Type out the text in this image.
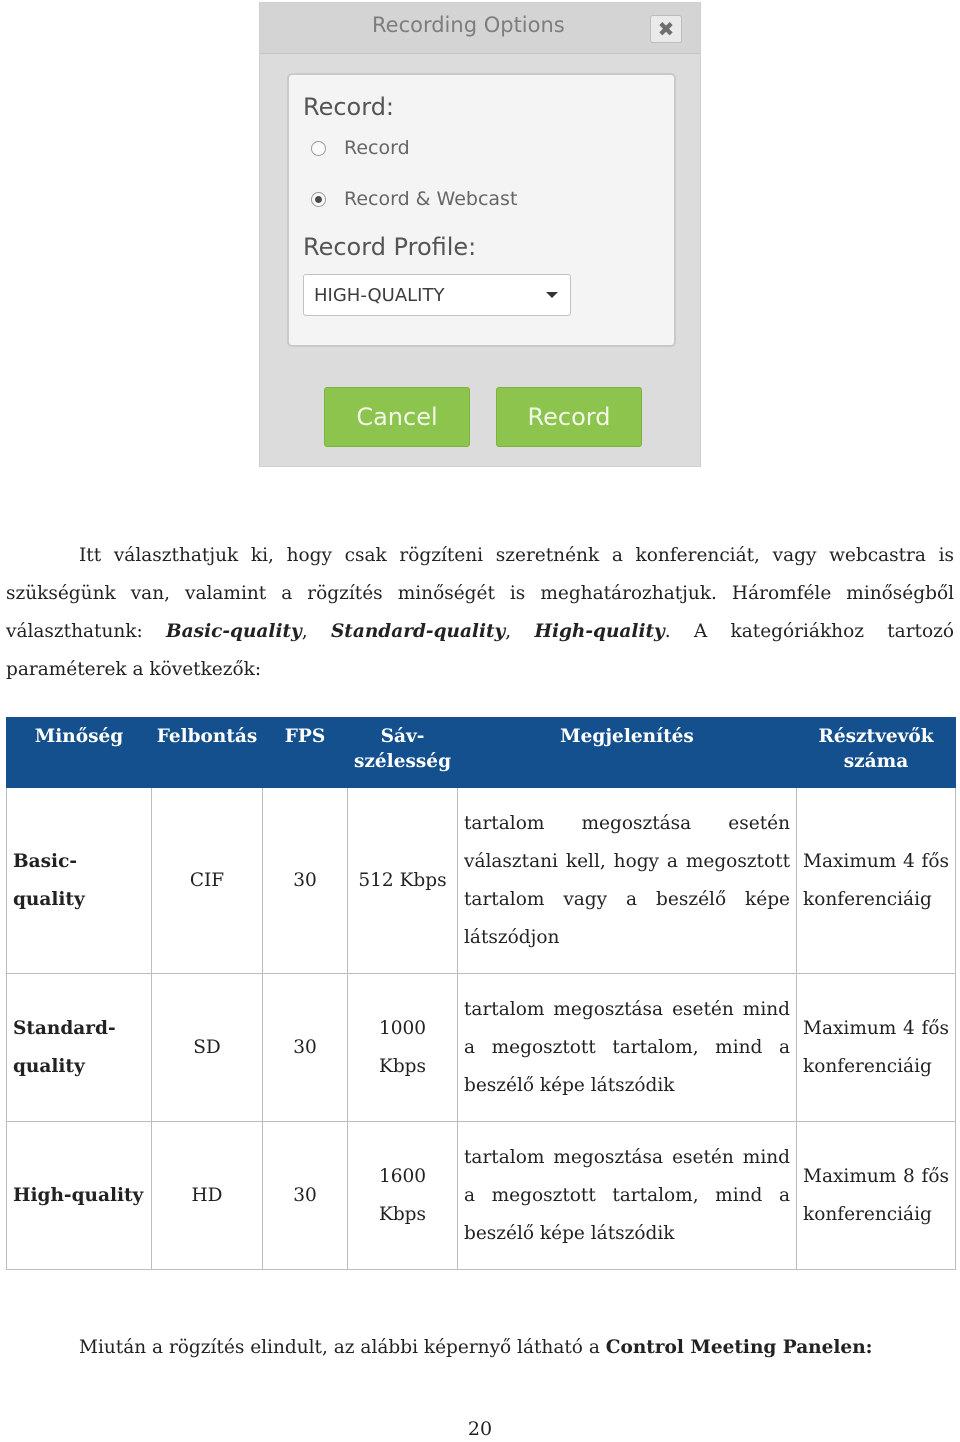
Recording Options	✖
Record:
Record
Record & Webcast
Record Profile:
HIGH-QUALITY
Cancel	Record
Itt választhatjuk ki, hogy csak rögzíteni szeretnénk a konferenciát, vagy webcastra is szükségünk van, valamint a rögzítés minőségét is meghatározhatjuk. Háromféle minőségből választhatunk: Basic-quality, Standard-quality, High-quality. A kategóriákhoz tartozó paraméterek a következők:
Minőség	Felbontás	FPS	Sáv-szélesség	Megjelenítés	Résztvevők száma
Basic-quality	CIF	30	512 Kbps	tartalom megosztása esetén választani kell, hogy a megosztott tartalom vagy a beszélő képe látszódjon	Maximum 4 fős konferenciáig
Standard-quality	SD	30	1000 Kbps	tartalom megosztása esetén mind a megosztott tartalom, mind a beszélő képe látszódik	Maximum 4 fős konferenciáig
High-quality	HD	30	1600 Kbps	tartalom megosztása esetén mind a megosztott tartalom, mind a beszélő képe látszódik	Maximum 8 fős konferenciáig
Miután a rögzítés elindult, az alábbi képernyő látható a Control Meeting Panelen:
20
